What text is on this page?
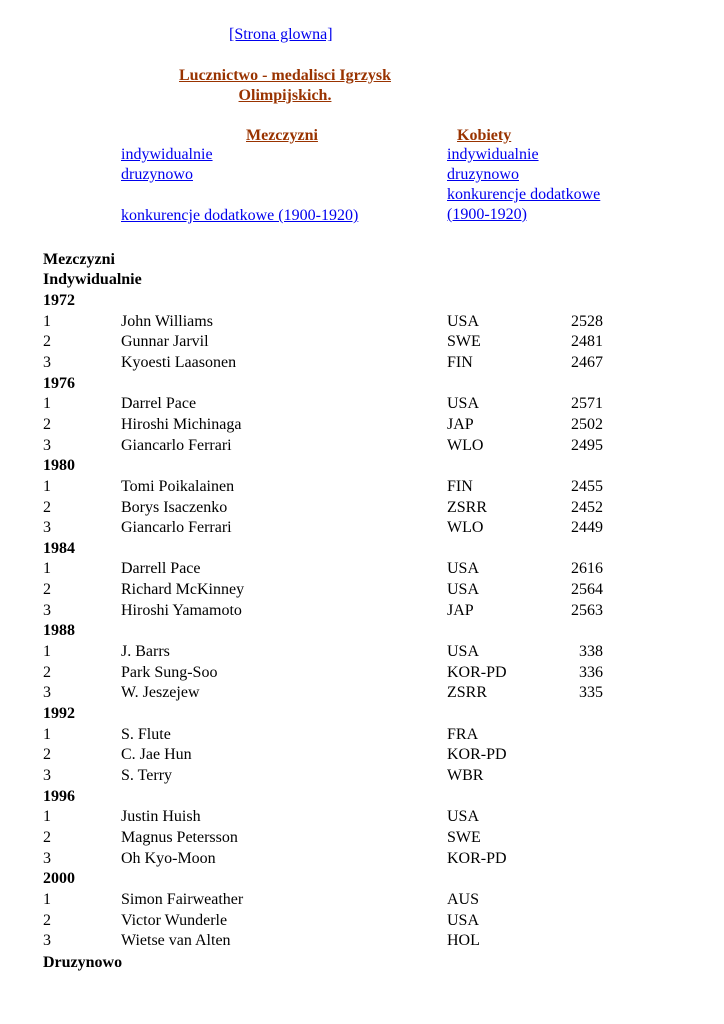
[Strona glowna]
Lucznictwo - medalisci Igrzysk
Olimpijskich.
Mezczyzni	Kobiety
indywidualnie
druzynowo
konkurencje dodatkowe (1900-1920)
indywidualnie
druzynowo
konkurencje dodatkowe
(1900-1920)
Mezczyzni
Indywidualnie
1972
1	John Williams	USA	2528
2	Gunnar Jarvil	SWE	2481
3	Kyoesti Laasonen	FIN	2467
1976
1	Darrel Pace	USA	2571
2	Hiroshi Michinaga	JAP	2502
3	Giancarlo Ferrari	WLO	2495
1980
1	Tomi Poikalainen	FIN	2455
2	Borys Isaczenko	ZSRR	2452
3	Giancarlo Ferrari	WLO	2449
1984
1	Darrell Pace	USA	2616
2	Richard McKinney	USA	2564
3	Hiroshi Yamamoto	JAP	2563
1988
1	J. Barrs	USA	338
2	Park Sung-Soo	KOR-PD	336
3	W. Jeszejew	ZSRR	335
1992
1	S. Flute	FRA
2	C. Jae Hun	KOR-PD
3	S. Terry	WBR
1996
1	Justin Huish	USA
2	Magnus Petersson	SWE
3	Oh Kyo-Moon	KOR-PD
2000
1	Simon Fairweather	AUS
2	Victor Wunderle	USA
3	Wietse van Alten	HOL
Druzynowo
